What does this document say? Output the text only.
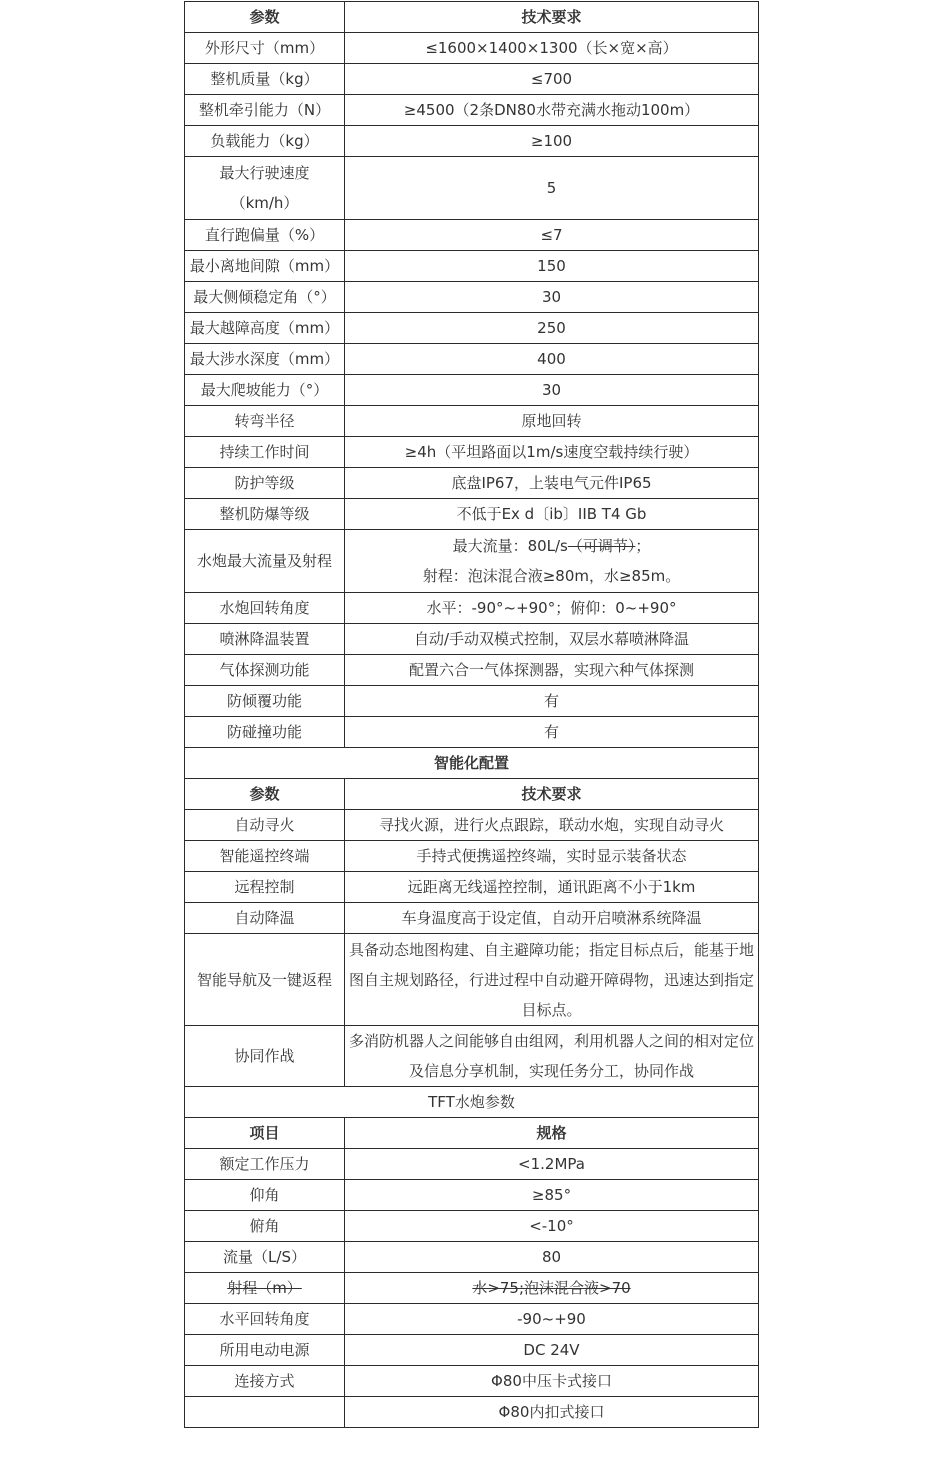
参数	技术要求
外形尺寸（mm）	≤1600×1400×1300（长×宽×高）
整机质量（kg）	≤700
整机牵引能力（N）	≥4500（2条DN80水带充满水拖动100m）
负载能力（kg）	≥100

最大行驶速度
（km/h）	5
直行跑偏量（%）	≤7
最小离地间隙（mm）	150
最大侧倾稳定角（°）	30
最大越障高度（mm）	250
最大涉水深度（mm）	400
最大爬坡能力（°）	30
转弯半径	原地回转
持续工作时间	≥4h（平坦路面以1m/s速度空载持续行驶）
防护等级	底盘IP67，上装电气元件IP65
整机防爆等级	不低于Ex d〔ib〕IIB T4 Gb
水炮最大流量及射程	最大流量：80L/s（可调节）；
射程：泡沫混合液≥80m，水≥85m。

水炮回转角度	水平：-90°~+90°；俯仰：0~+90°
喷淋降温装置	自动/手动双模式控制，双层水幕喷淋降温
气体探测功能	配置六合一气体探测器，实现六种气体探测
防倾覆功能	有
防碰撞功能	有
智能化配置	
参数	技术要求
自动寻火	寻找火源，进行火点跟踪，联动水炮，实现自动寻火
智能遥控终端	手持式便携遥控终端，实时显示装备状态
远程控制	远距离无线遥控控制，通讯距离不小于1km
自动降温	车身温度高于设定值，自动开启喷淋系统降温
智能导航及一键返程	具备动态地图构建、自主避障功能；指定目标点后，能基于地图自主规划路径，行进过程中自动避开障碍物，迅速达到指定目标点。
协同作战	多消防机器人之间能够自由组网，利用机器人之间的相对定位及信息分享机制，实现任务分工，协同作战
TFT水炮参数	
项目	规格
额定工作压力	<1.2MPa
仰角	≥85°
俯角	<-10°
流量（L/S）	80
射程（m）	水>75;泡沫混合液>70
水平回转角度	-90~+90
所用电动电源	DC 24V
连接方式	Φ80中压卡式接口
	Φ80内扣式接口
